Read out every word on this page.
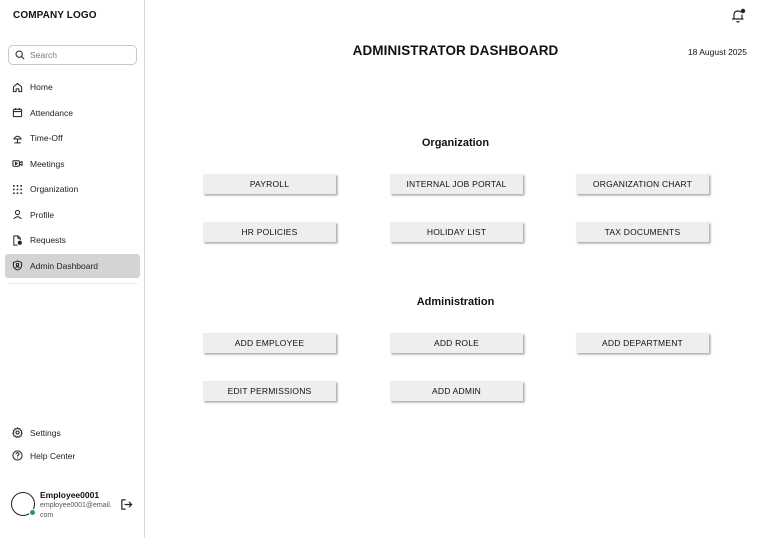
COMPANY LOGO
Search
Home
Attendance
Time-Off
Meetings
Organization
Profile
Requests
Admin Dashboard
Settings
Help Center
Employee0001
employee0001@email.com
ADMINISTRATOR DASHBOARD	18 August 2025
Organization
PAYROLL	INTERNAL JOB PORTAL	ORGANIZATION CHART
HR POLICIES	HOLIDAY LIST	TAX DOCUMENTS
Administration
ADD EMPLOYEE	ADD ROLE	ADD DEPARTMENT
EDIT PERMISSIONS	ADD ADMIN
